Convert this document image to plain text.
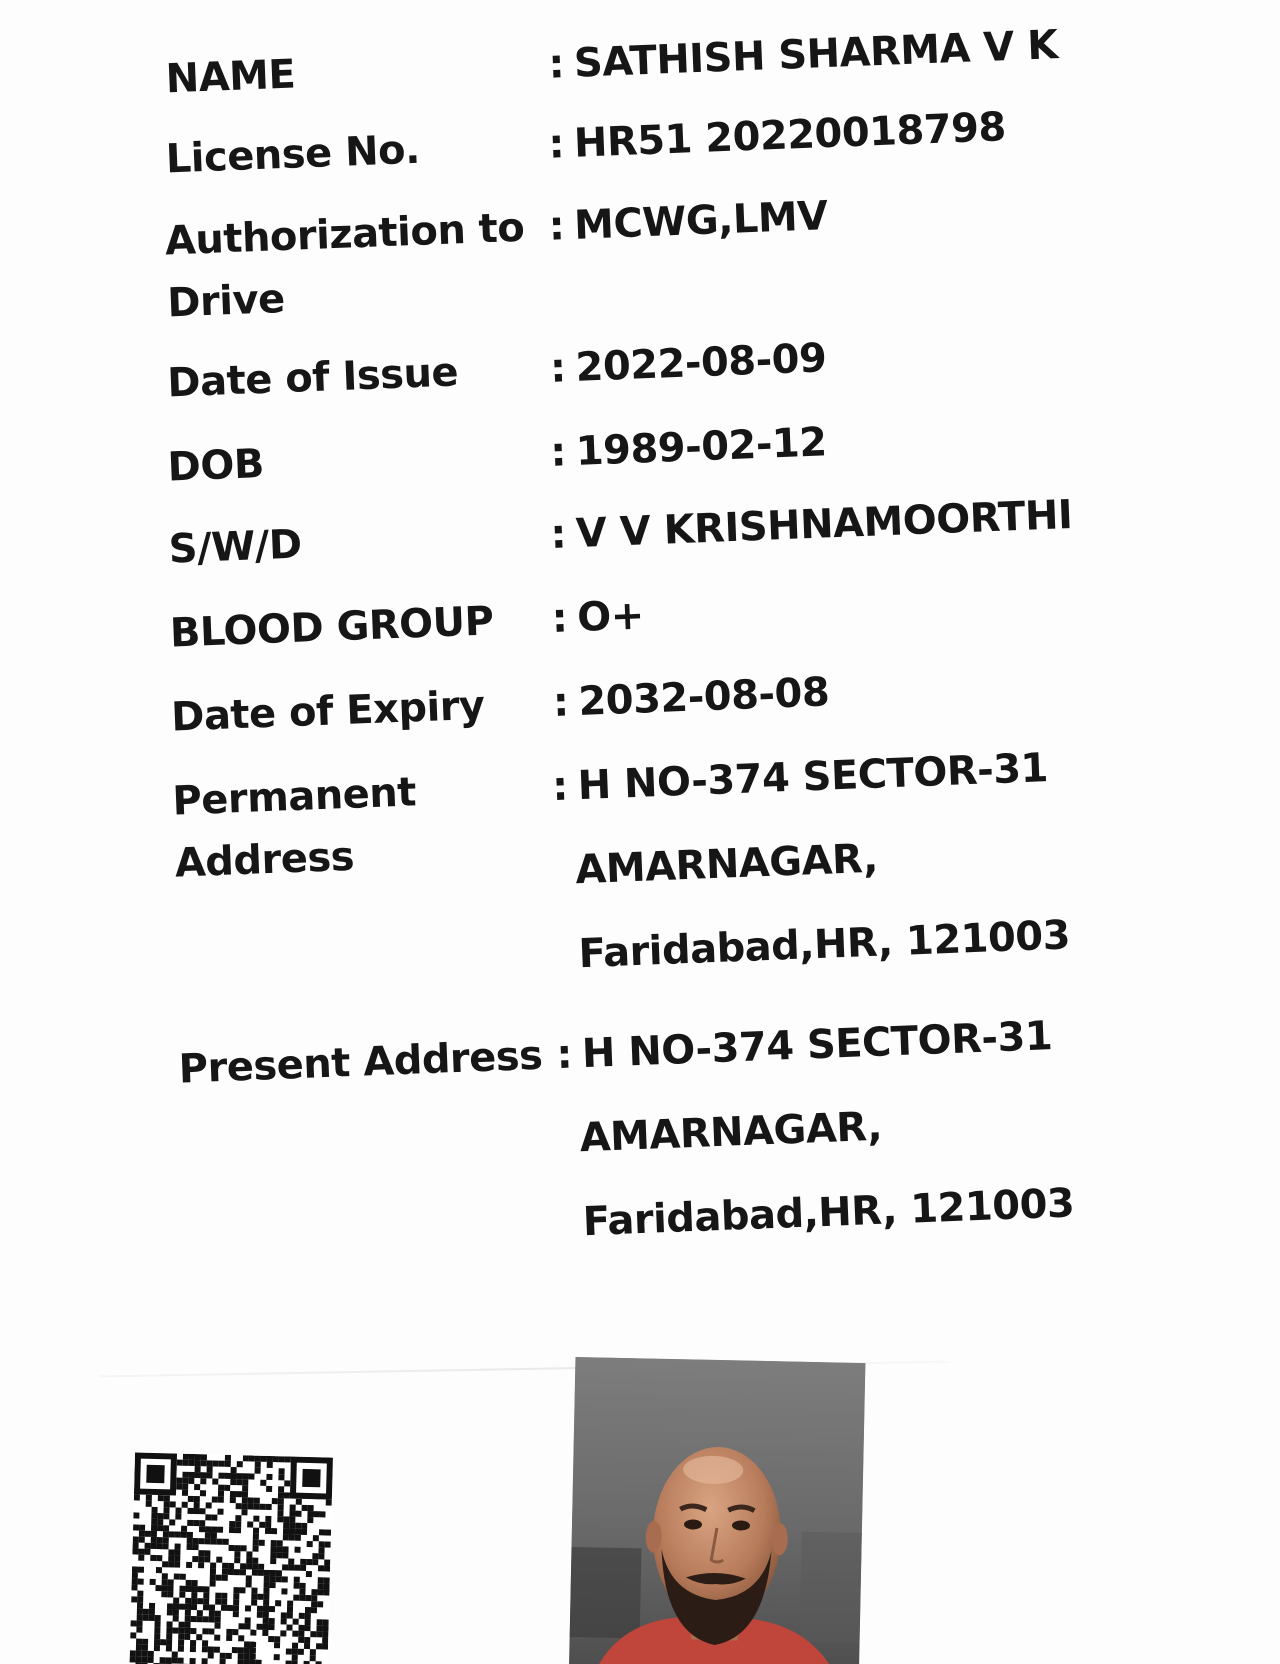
NAME	: SATHISH SHARMA V K
License No.	: HR51 20220018798
Authorization to
Drive
: MCWG,LMV
Date of Issue : 2022-08-09
DOB	: 1989-02-12
S/W/D	: V V KRISHNAMOORTHI
BLOOD GROUP : O+
Date of Expiry : 2032-08-08
Permanent
Address
: H NO-374 SECTOR-31
AMARNAGAR,
Faridabad,HR, 121003
Present Address : H NO-374 SECTOR-31
AMARNAGAR,
Faridabad,HR, 121003
